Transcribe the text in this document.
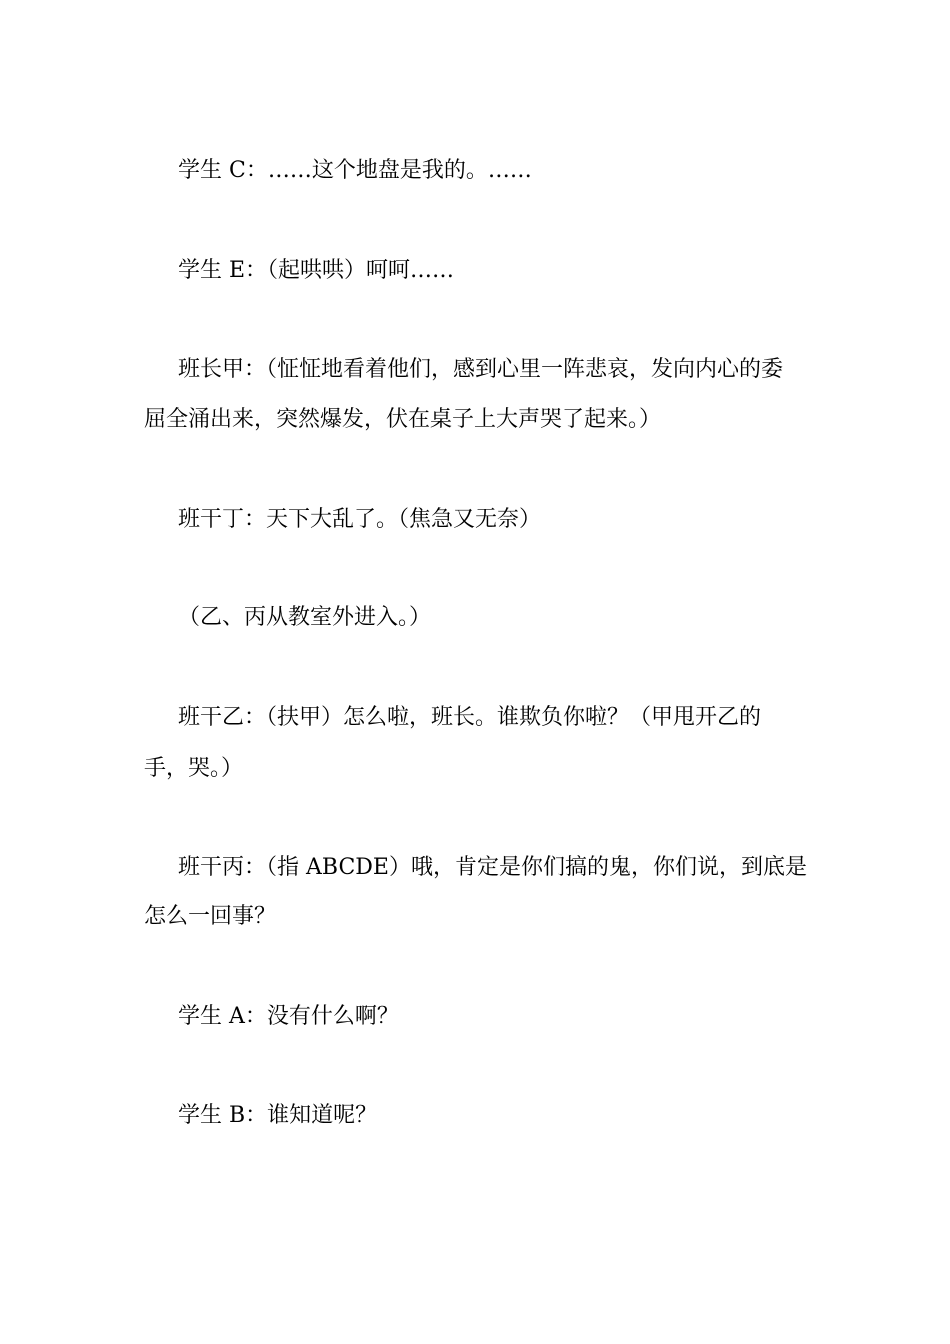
学生 C：……这个地盘是我的。……
学生 E：（起哄哄）呵呵……
班长甲：（怔怔地看着他们，感到心里一阵悲哀，发向内心的委
屈全涌出来，突然爆发，伏在桌子上大声哭了起来。）
班干丁：天下大乱了。（焦急又无奈）
（乙、丙从教室外进入。）
班干乙：（扶甲）怎么啦，班长。谁欺负你啦？（甲甩开乙的
手，哭。）
班干丙：（指 ABCDE）哦，肯定是你们搞的鬼，你们说，到底是
怎么一回事？
学生 A：没有什么啊？
学生 B：谁知道呢？
